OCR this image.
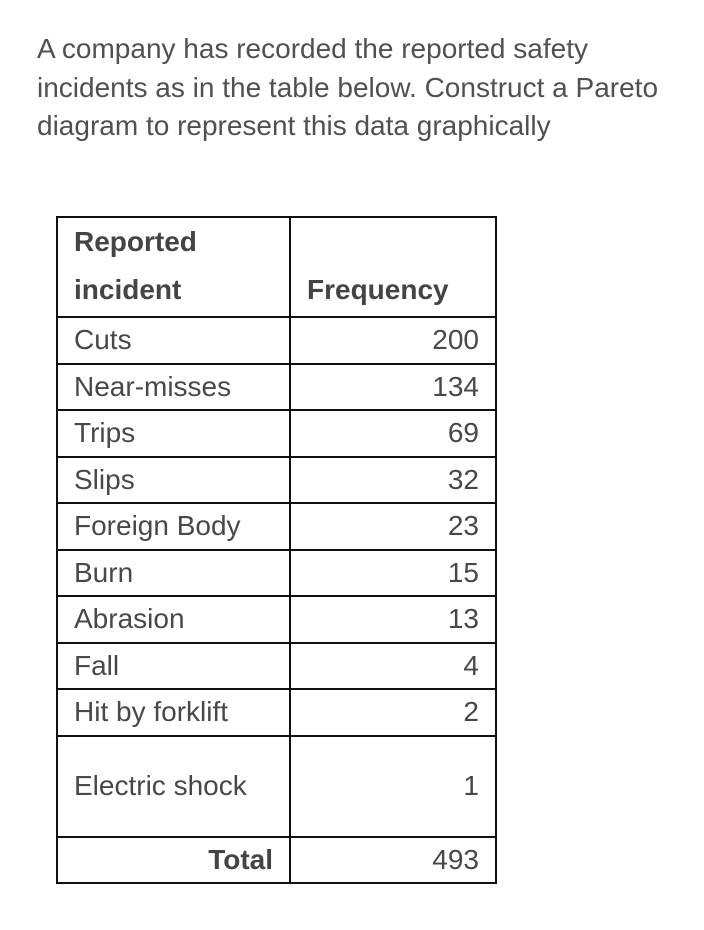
A company has recorded the reported safety incidents as in the table below. Construct a Pareto diagram to represent this data graphically

Reported incident	Frequency
Cuts	200
Near-misses	134
Trips	69
Slips	32
Foreign Body	23
Burn	15
Abrasion	13
Fall	4
Hit by forklift	2
Electric shock	1
Total	493
